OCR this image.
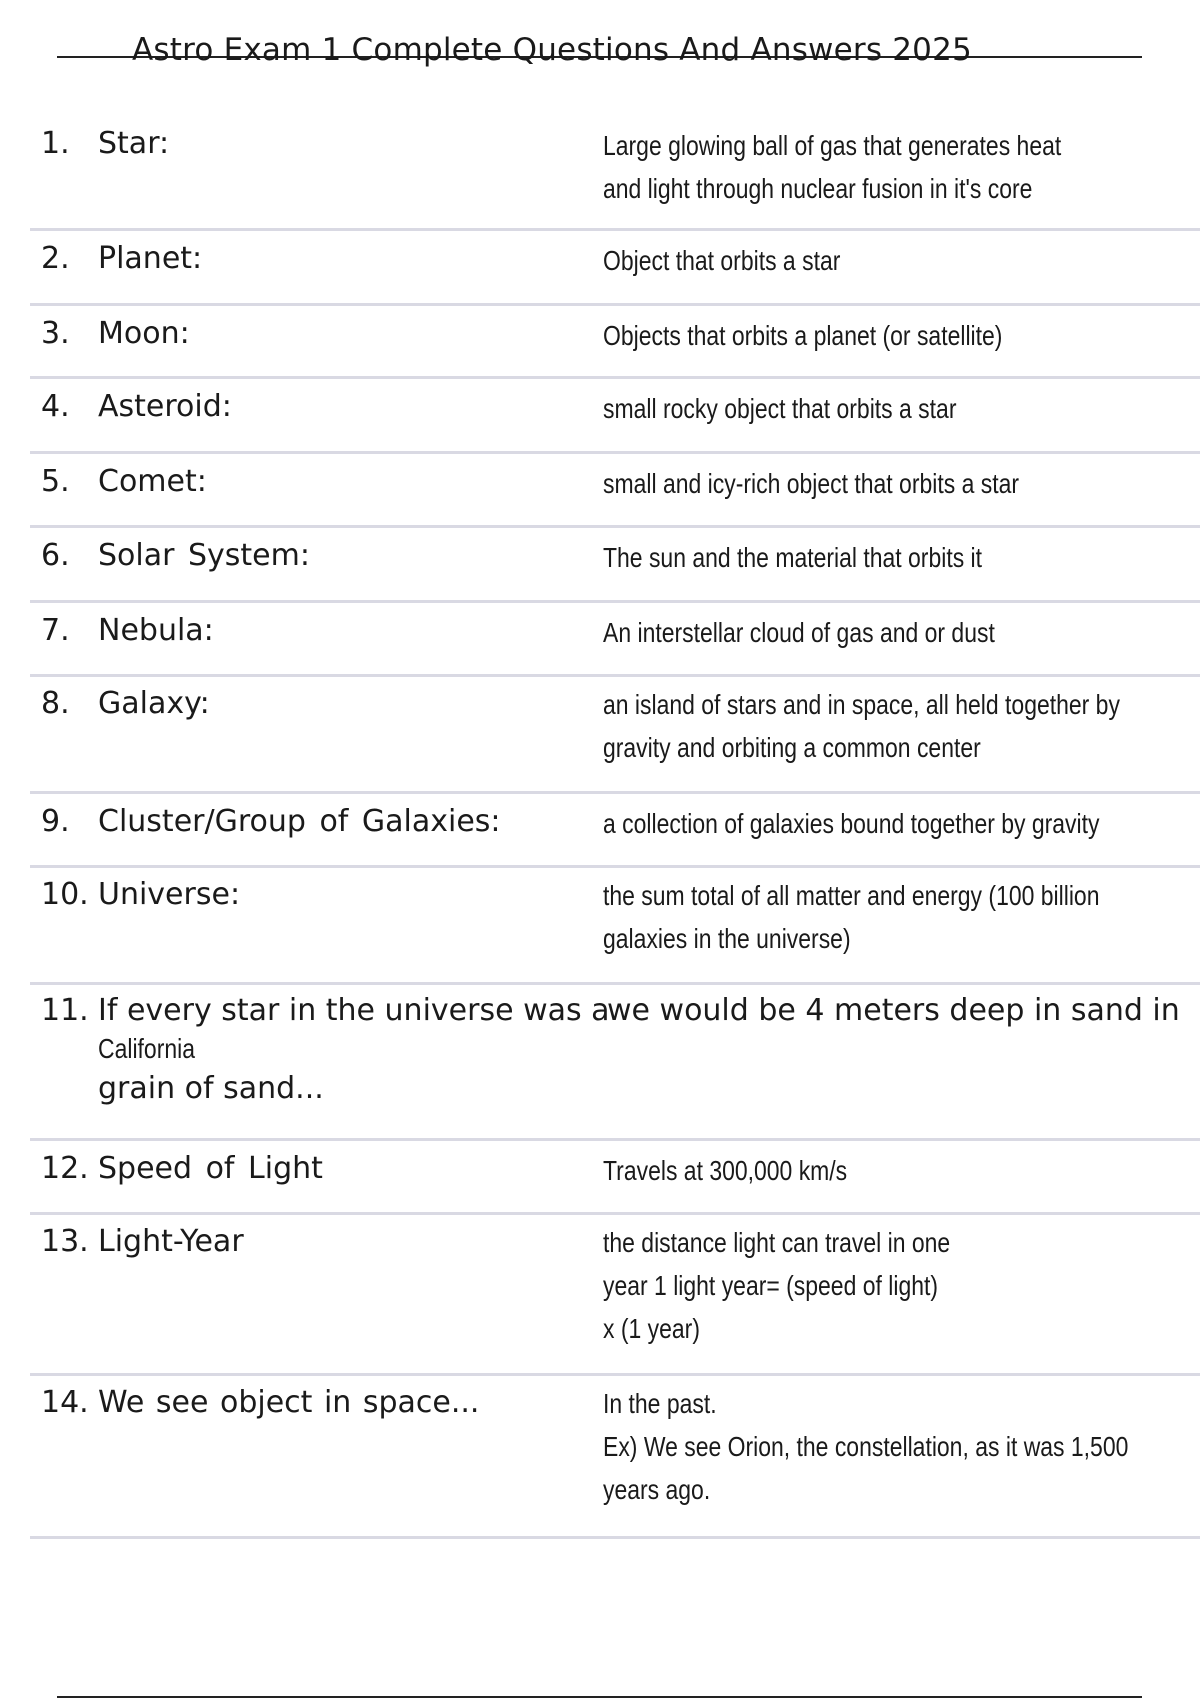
Astro Exam 1 Complete Questions And Answers 2025
1. Star:	Large glowing ball of gas that generates heat
and light through nuclear fusion in it's core
2. Planet:	Object that orbits a star
3. Moon:	Objects that orbits a planet (or satellite)
4. Asteroid:	small rocky object that orbits a star
5. Comet:	small and icy-rich object that orbits a star
6. Solar System:	The sun and the material that orbits it
7. Nebula:	An interstellar cloud of gas and or dust
8. Galaxy:	an island of stars and in space, all held together by
gravity and orbiting a common center
9. Cluster/Group of Galaxies:	a collection of galaxies bound together by gravity
10. Universe:	the sum total of all matter and energy (100 billion
galaxies in the universe)
11. If every star in the universe was a
we would be 4 meters deep in sand in
California
grain of sand...
12. Speed of Light	Travels at 300,000 km/s
13. Light-Year	the distance light can travel in one
year 1 light year= (speed of light)
x (1 year)
14. We see object in space...	In the past.
Ex) We see Orion, the constellation, as it was 1,500
years ago.
